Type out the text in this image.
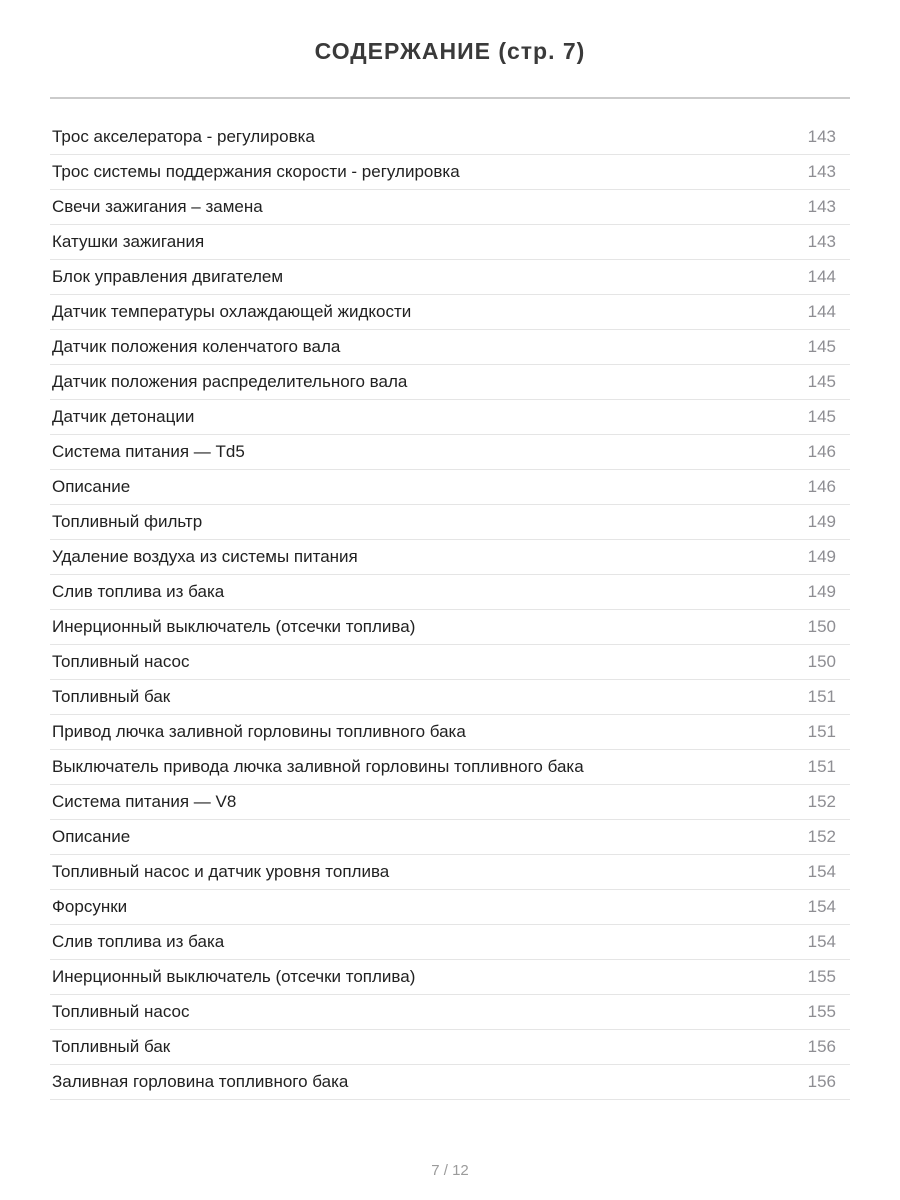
СОДЕРЖАНИЕ (стр. 7)
Трос акселератора - регулировка	143
Трос системы поддержания скорости - регулировка	143
Свечи зажигания – замена	143
Катушки зажигания	143
Блок управления двигателем	144
Датчик температуры охлаждающей жидкости	144
Датчик положения коленчатого вала	145
Датчик положения распределительного вала	145
Датчик детонации	145
Система питания — Td5	146
Описание	146
Топливный фильтр	149
Удаление воздуха из системы питания	149
Слив топлива из бака	149
Инерционный выключатель (отсечки топлива)	150
Топливный насос	150
Топливный бак	151
Привод лючка заливной горловины топливного бака	151
Выключатель привода лючка заливной горловины топливного бака	151
Система питания — V8	152
Описание	152
Топливный насос и датчик уровня топлива	154
Форсунки	154
Слив топлива из бака	154
Инерционный выключатель (отсечки топлива)	155
Топливный насос	155
Топливный бак	156
Заливная горловина топливного бака	156
7 / 12
